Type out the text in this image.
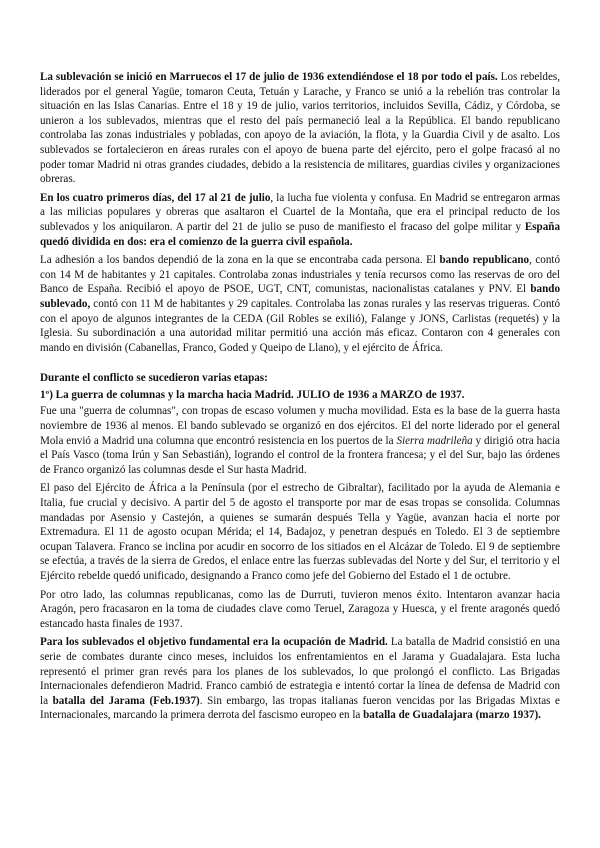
La sublevación se inició en Marruecos el 17 de julio de 1936 extendiéndose el 18 por todo el país. Los rebeldes, liderados por el general Yagüe, tomaron Ceuta, Tetuán y Larache, y Franco se unió a la rebelión tras controlar la situación en las Islas Canarias. Entre el 18 y 19 de julio, varios territorios, incluidos Sevilla, Cádiz, y Córdoba, se unieron a los sublevados, mientras que el resto del país permaneció leal a la República. El bando republicano controlaba las zonas industriales y pobladas, con apoyo de la aviación, la flota, y la Guardia Civil y de asalto. Los sublevados se fortalecieron en áreas rurales con el apoyo de buena parte del ejército, pero el golpe fracasó al no poder tomar Madrid ni otras grandes ciudades, debido a la resistencia de militares, guardias civiles y organizaciones obreras.

En los cuatro primeros días, del 17 al 21 de julio, la lucha fue violenta y confusa. En Madrid se entregaron armas a las milicias populares y obreras que asaltaron el Cuartel de la Montaña, que era el principal reducto de los sublevados y los aniquilaron. A partir del 21 de julio se puso de manifiesto el fracaso del golpe militar y España quedó dividida en dos: era el comienzo de la guerra civil española.

La adhesión a los bandos dependió de la zona en la que se encontraba cada persona. El bando republicano, contó con 14 M de habitantes y 21 capitales. Controlaba zonas industriales y tenía recursos como las reservas de oro del Banco de España. Recibió el apoyo de PSOE, UGT, CNT, comunistas, nacionalistas catalanes y PNV. El bando sublevado, contó con 11 M de habitantes y 29 capitales. Controlaba las zonas rurales y las reservas trigueras. Contó con el apoyo de algunos integrantes de la CEDA (Gil Robles se exilió), Falange y JONS, Carlistas (requetés) y la Iglesia. Su subordinación a una autoridad militar permitió una acción más eficaz. Contaron con 4 generales con mando en división (Cabanellas, Franco, Goded y Queipo de Llano), y el ejército de África.

Durante el conflicto se sucedieron varias etapas:

1º) La guerra de columnas y la marcha hacia Madrid. JULIO de 1936 a MARZO de 1937.

Fue una "guerra de columnas", con tropas de escaso volumen y mucha movilidad. Esta es la base de la guerra hasta noviembre de 1936 al menos. El bando sublevado se organizó en dos ejércitos. El del norte liderado por el general Mola envió a Madrid una columna que encontró resistencia en los puertos de la Sierra madrileña y dirigió otra hacia el País Vasco (toma Irún y San Sebastián), logrando el control de la frontera francesa; y el del Sur, bajo las órdenes de Franco organizó las columnas desde el Sur hasta Madrid.

El paso del Ejército de África a la Península (por el estrecho de Gibraltar), facilitado por la ayuda de Alemania e Italia, fue crucial y decisivo. A partir del 5 de agosto el transporte por mar de esas tropas se consolida. Columnas mandadas por Asensio y Castejón, a quienes se sumarán después Tella y Yagüe, avanzan hacia el norte por Extremadura. El 11 de agosto ocupan Mérida; el 14, Badajoz, y penetran después en Toledo. El 3 de septiembre ocupan Talavera. Franco se inclina por acudir en socorro de los sitiados en el Alcázar de Toledo. El 9 de septiembre se efectúa, a través de la sierra de Gredos, el enlace entre las fuerzas sublevadas del Norte y del Sur, el territorio y el Ejército rebelde quedó unificado, designando a Franco como jefe del Gobierno del Estado el 1 de octubre.

Por otro lado, las columnas republicanas, como las de Durruti, tuvieron menos éxito. Intentaron avanzar hacia Aragón, pero fracasaron en la toma de ciudades clave como Teruel, Zaragoza y Huesca, y el frente aragonés quedó estancado hasta finales de 1937.

Para los sublevados el objetivo fundamental era la ocupación de Madrid. La batalla de Madrid consistió en una serie de combates durante cinco meses, incluidos los enfrentamientos en el Jarama y Guadalajara. Esta lucha representó el primer gran revés para los planes de los sublevados, lo que prolongó el conflicto. Las Brigadas Internacionales defendieron Madrid. Franco cambió de estrategia e intentó cortar la línea de defensa de Madrid con la batalla del Jarama (Feb.1937). Sin embargo, las tropas italianas fueron vencidas por las Brigadas Mixtas e Internacionales, marcando la primera derrota del fascismo europeo en la batalla de Guadalajara (marzo 1937).
